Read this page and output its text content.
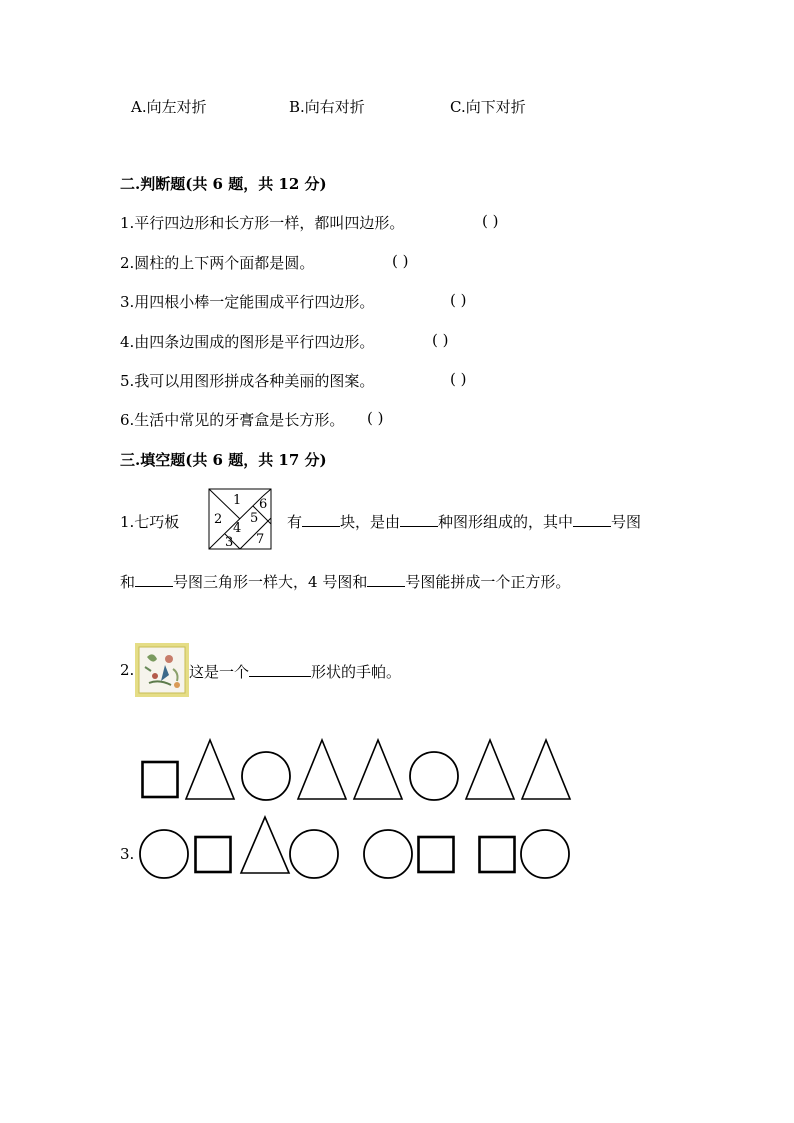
A.向左对折	B.向右对折	C.向下对折
二.判断题(共 6 题，共 12 分)
1.平行四边形和长方形一样，都叫四边形。	( )
2.圆柱的上下两个面都是圆。	( )
3.用四根小棒一定能围成平行四边形。	( )
4.由四条边围成的图形是平行四边形。	( )
5.我可以用图形拼成各种美丽的图案。	( )
6.生活中常见的牙膏盒是长方形。 ( )
三.填空题(共 6 题，共 17 分)
1.七巧板
1
2
3
4
5
6
7
有	块，是由	种图形组成的，其中	号图
和	号图三角形一样大，4 号图和	号图能拼成一个正方形。
2.	这是一个	形状的手帕。
3.
